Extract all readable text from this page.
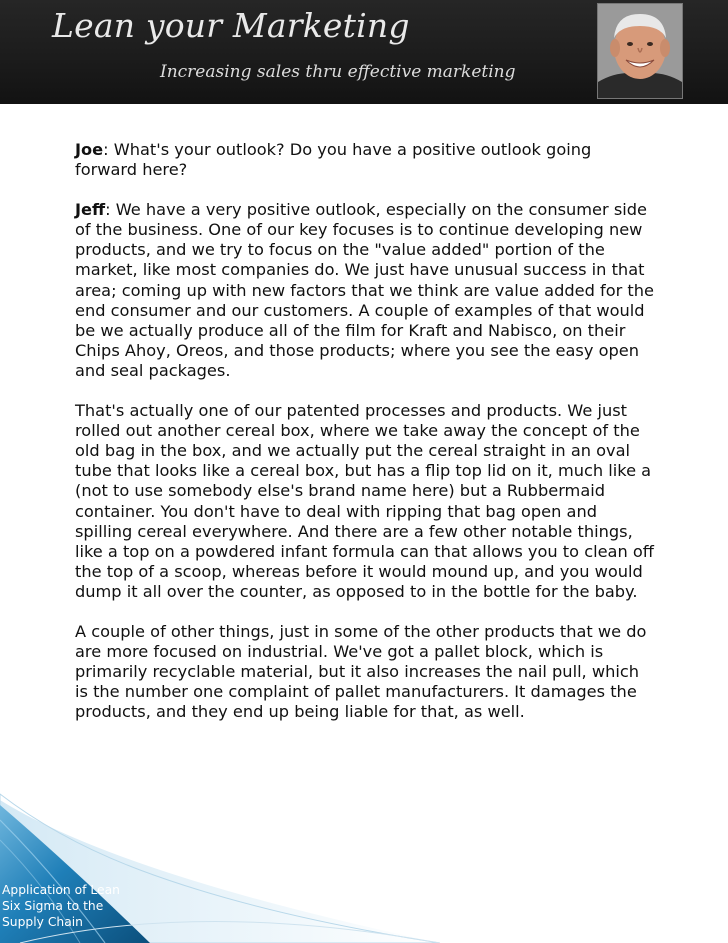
Lean your Marketing
Increasing sales thru effective marketing

Joe: What's your outlook? Do you have a positive outlook going forward here?

Jeff: We have a very positive outlook, especially on the consumer side of the business. One of our key focuses is to continue developing new products, and we try to focus on the "value added" portion of the market, like most companies do. We just have unusual success in that area; coming up with new factors that we think are value added for the end consumer and our customers. A couple of examples of that would be we actually produce all of the film for Kraft and Nabisco, on their Chips Ahoy, Oreos, and those products; where you see the easy open and seal packages.

That's actually one of our patented processes and products. We just rolled out another cereal box, where we take away the concept of the old bag in the box, and we actually put the cereal straight in an oval tube that looks like a cereal box, but has a flip top lid on it, much like a (not to use somebody else's brand name here) but a Rubbermaid container. You don't have to deal with ripping that bag open and spilling cereal everywhere. And there are a few other notable things, like a top on a powdered infant formula can that allows you to clean off the top of a scoop, whereas before it would mound up, and you would dump it all over the counter, as opposed to in the bottle for the baby.

A couple of other things, just in some of the other products that we do are more focused on industrial. We've got a pallet block, which is primarily recyclable material, but it also increases the nail pull, which is the number one complaint of pallet manufacturers. It damages the products, and they end up being liable for that, as well.

Application of Lean
Six Sigma to the
Supply Chain
